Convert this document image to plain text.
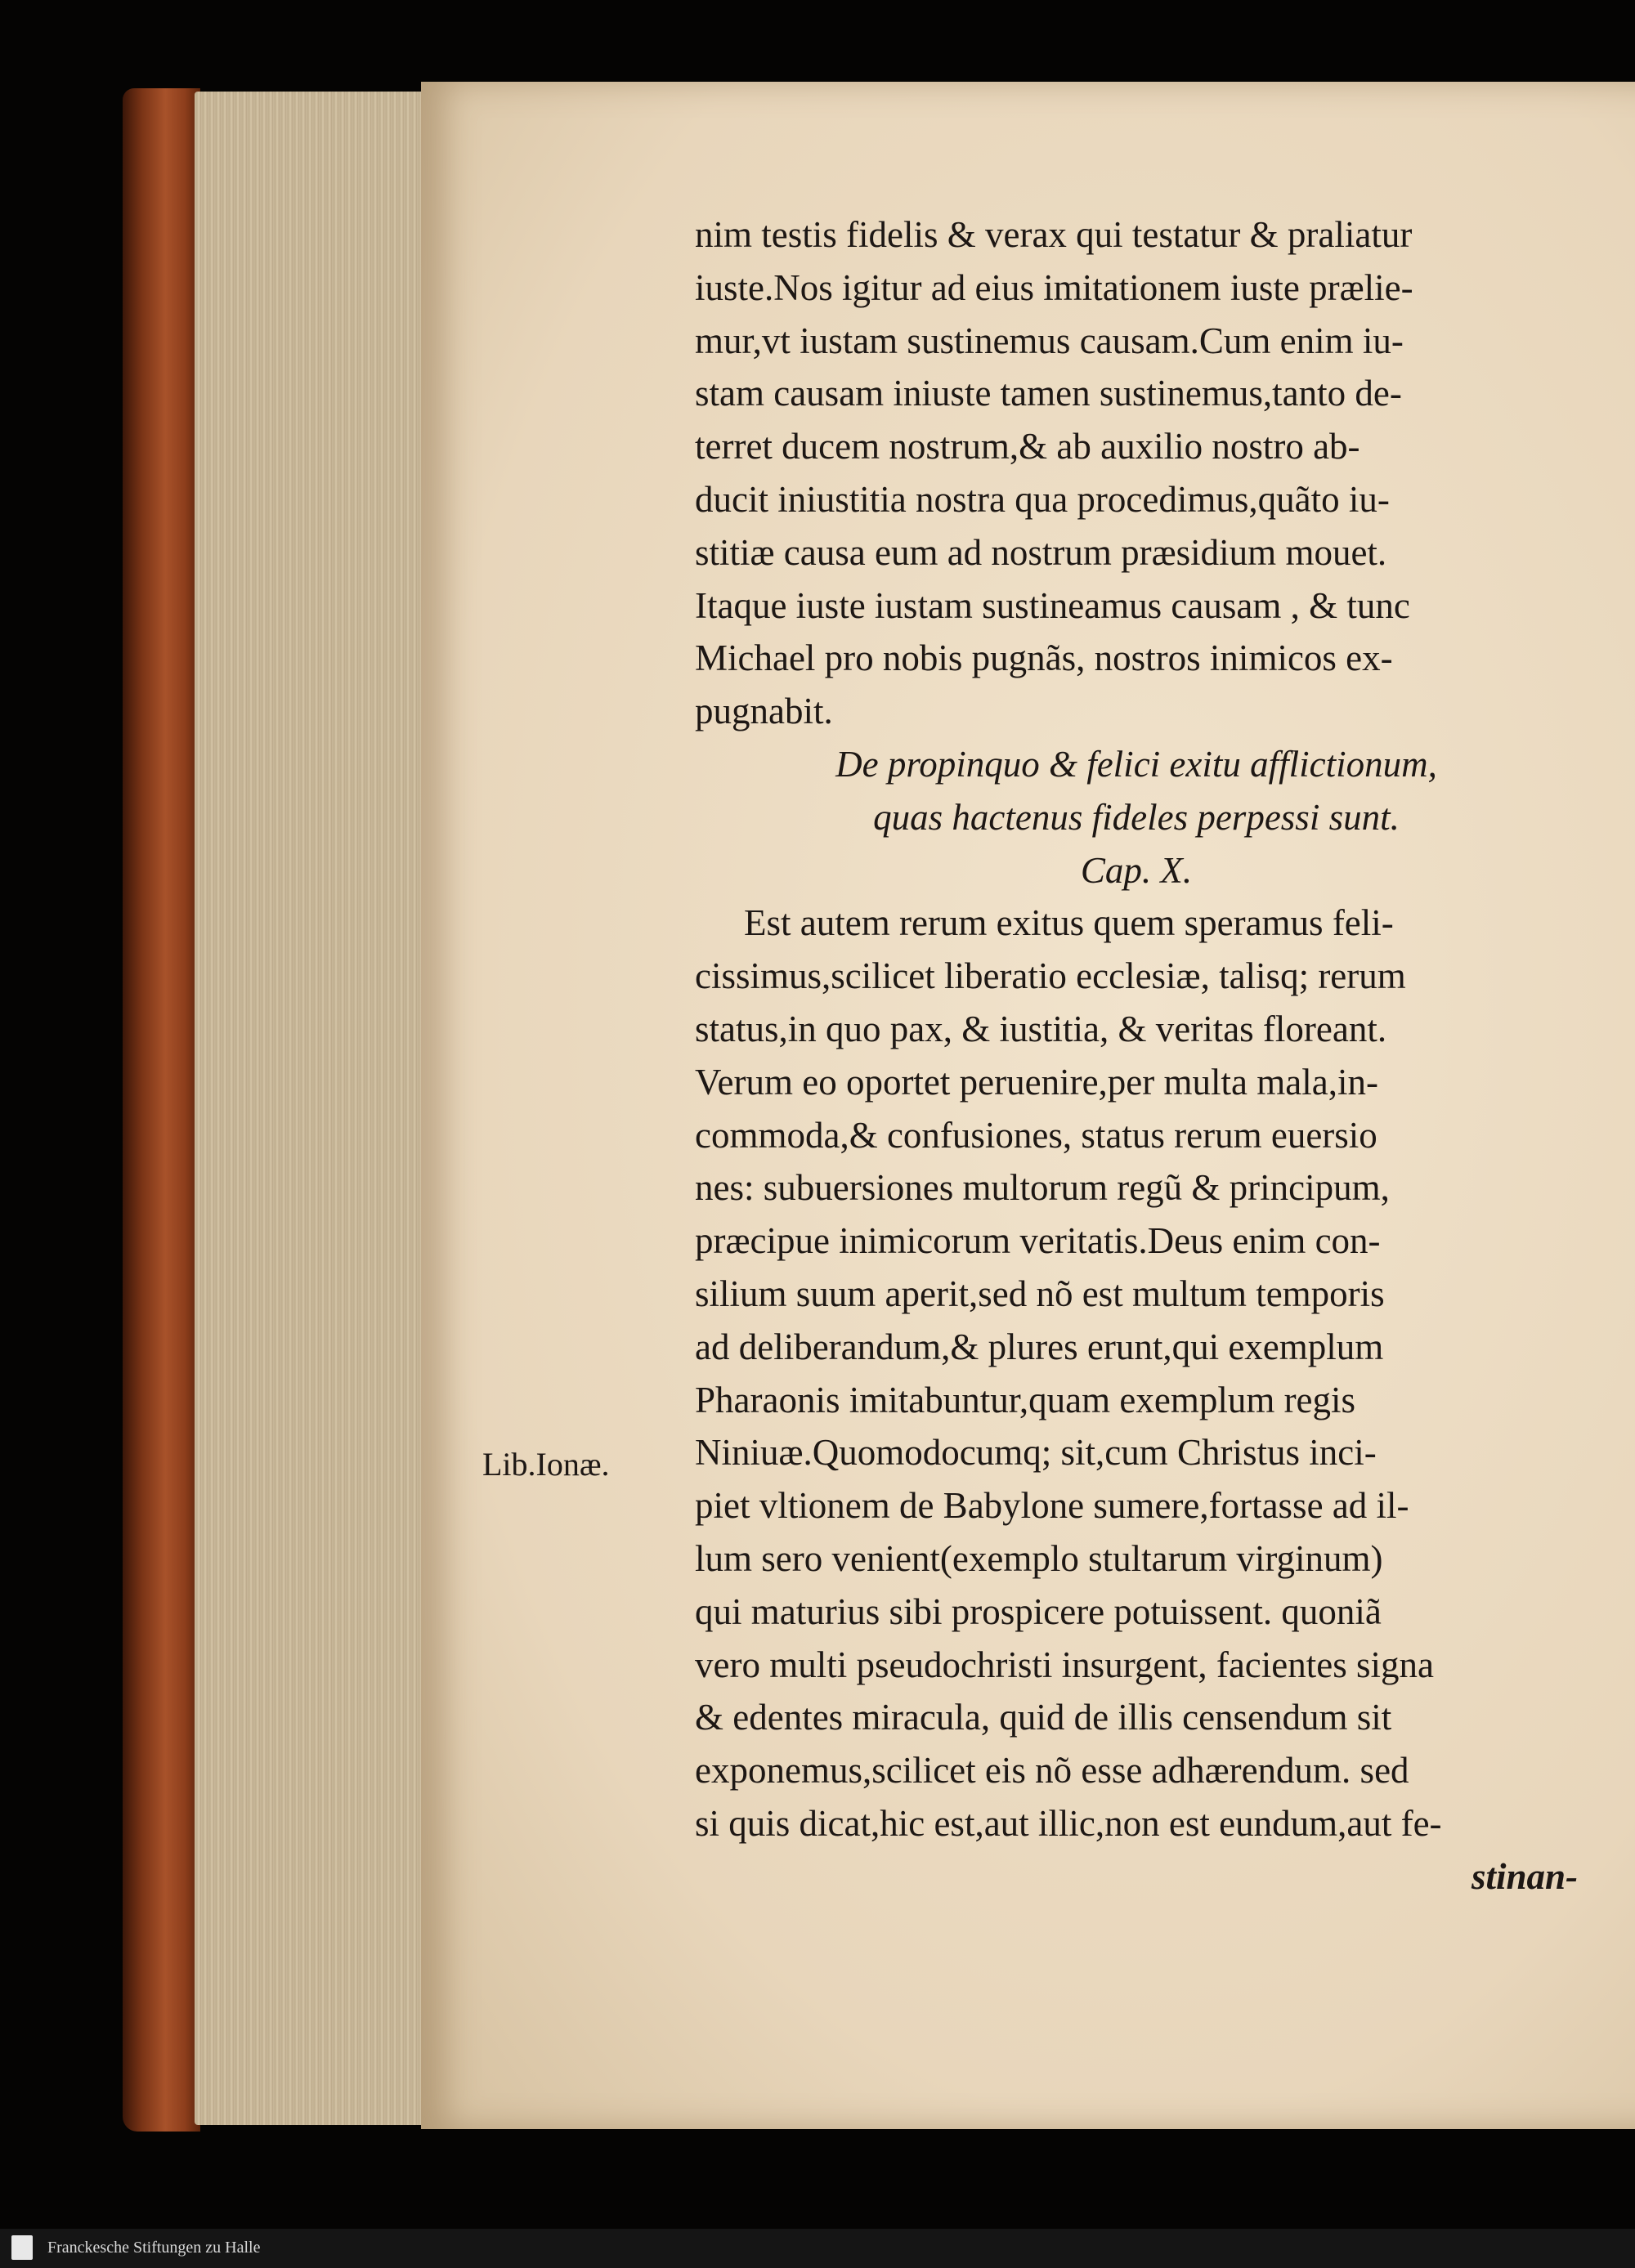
nim testis fidelis & verax qui testatur & praliatur
iuste.Nos igitur ad eius imitationem iuste prælie-
mur,vt iustam sustinemus causam.Cum enim iu-
stam causam iniuste tamen sustinemus,tanto de-
terret ducem nostrum,& ab auxilio nostro ab-
ducit iniustitia nostra qua procedimus,quãto iu-
stitiæ causa eum ad nostrum præsidium mouet.
Itaque iuste iustam sustineamus causam , & tunc
Michael pro nobis pugnãs, nostros inimicos ex-
pugnabit.
De propinquo & felici exitu afflictionum,
quas hactenus fideles perpessi sunt.
Cap. X.
Est autem rerum exitus quem speramus feli-
cissimus,scilicet liberatio ecclesiæ, talisq; rerum
status,in quo pax, & iustitia, & veritas floreant.
Verum eo oportet peruenire,per multa mala,in-
commoda,& confusiones, status rerum euersio
nes: subuersiones multorum regũ & principum,
præcipue inimicorum veritatis.Deus enim con-
silium suum aperit,sed nõ est multum temporis
ad deliberandum,& plures erunt,qui exemplum
Pharaonis imitabuntur,quam exemplum regis
Niniuæ.Quomodocumq; sit,cum Christus inci-
piet vltionem de Babylone sumere,fortasse ad il-
lum sero venient(exemplo stultarum virginum)
qui maturius sibi prospicere potuissent. quoniã
vero multi pseudochristi insurgent, facientes signa
& edentes miracula, quid de illis censendum sit
exponemus,scilicet eis nõ esse adhærendum. sed
si quis dicat,hic est,aut illic,non est eundum,aut fe-
stinan-
Lib.Ionæ.
Franckesche Stiftungen zu Halle
